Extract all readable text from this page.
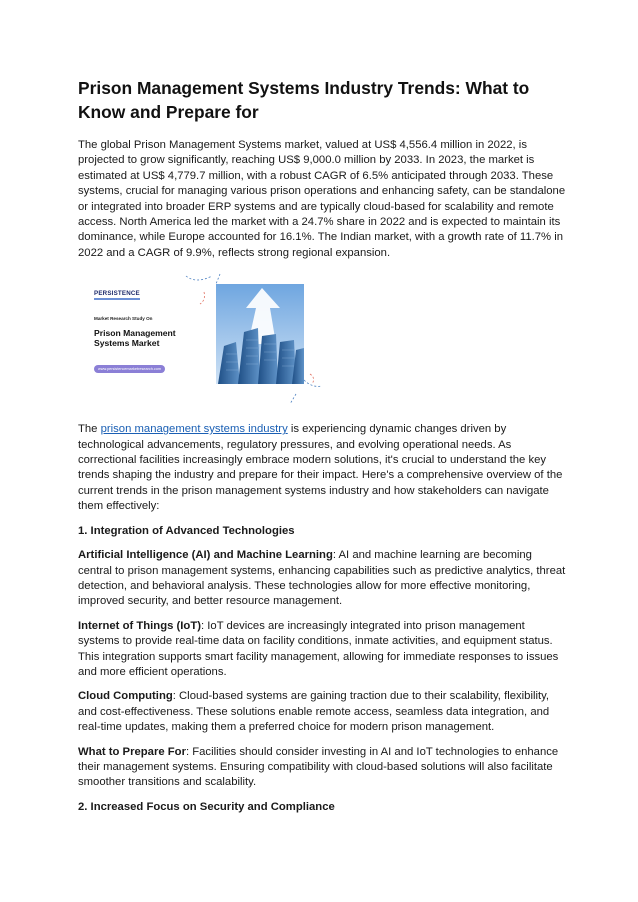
Prison Management Systems Industry Trends: What to Know and Prepare for

The global Prison Management Systems market, valued at US$ 4,556.4 million in 2022, is projected to grow significantly, reaching US$ 9,000.0 million by 2033. In 2023, the market is estimated at US$ 4,779.7 million, with a robust CAGR of 6.5% anticipated through 2033. These systems, crucial for managing various prison operations and enhancing safety, can be standalone or integrated into broader ERP systems and are typically cloud-based for scalability and remote access. North America led the market with a 24.7% share in 2022 and is expected to maintain its dominance, while Europe accounted for 16.1%. The Indian market, with a growth rate of 11.7% in 2022 and a CAGR of 9.9%, reflects strong regional expansion.

PERSISTENCE
Market Research Study On
Prison Management Systems Market
www.persistencemarketresearch.com

The prison management systems industry is experiencing dynamic changes driven by technological advancements, regulatory pressures, and evolving operational needs. As correctional facilities increasingly embrace modern solutions, it's crucial to understand the key trends shaping the industry and prepare for their impact. Here's a comprehensive overview of the current trends in the prison management systems industry and how stakeholders can navigate them effectively:

1. Integration of Advanced Technologies

Artificial Intelligence (AI) and Machine Learning: AI and machine learning are becoming central to prison management systems, enhancing capabilities such as predictive analytics, threat detection, and behavioral analysis. These technologies allow for more effective monitoring, improved security, and better resource management.

Internet of Things (IoT): IoT devices are increasingly integrated into prison management systems to provide real-time data on facility conditions, inmate activities, and equipment status. This integration supports smart facility management, allowing for immediate responses to issues and more efficient operations.

Cloud Computing: Cloud-based systems are gaining traction due to their scalability, flexibility, and cost-effectiveness. These solutions enable remote access, seamless data integration, and real-time updates, making them a preferred choice for modern prison management.

What to Prepare For: Facilities should consider investing in AI and IoT technologies to enhance their management systems. Ensuring compatibility with cloud-based solutions will also facilitate smoother transitions and scalability.

2. Increased Focus on Security and Compliance
